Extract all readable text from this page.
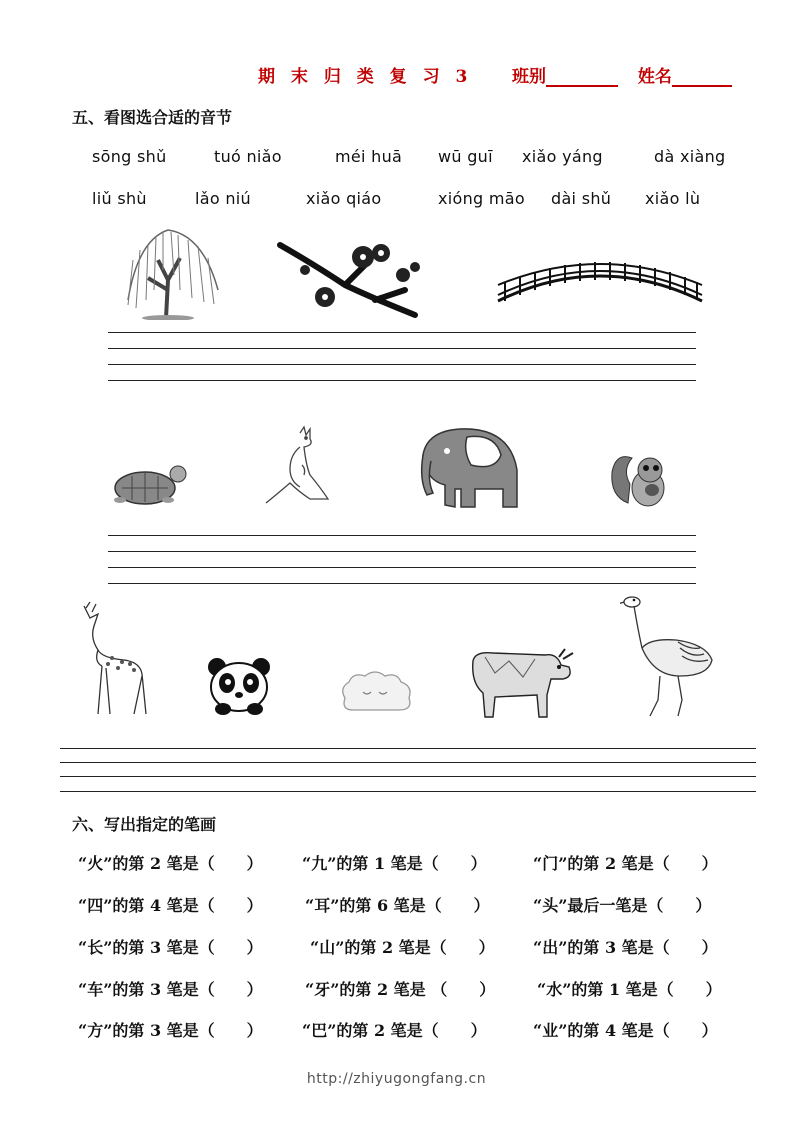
期 末 归 类 复 习 3 班别	姓名
五、看图选合适的音节
sōng shǔ	tuó niǎo	méi huā wū guī xiǎo yáng	dà xiàng
liǔ shù	lǎo niú	xiǎo qiáo	xióng māo dài shǔ xiǎo lù
六、写出指定的笔画
“火”的第 2 笔是（　　） “九”的第 1 笔是（　　）	“门”的第 2 笔是（　　）
“四”的第 4 笔是（　　）	“耳”的第 6 笔是（　　）	“头”最后一笔是（　　）
“长”的第 3 笔是（　　）	“山”的第 2 笔是（　　） “出”的第 3 笔是（　　）
“车”的第 3 笔是（　　）	“牙”的第 2 笔是 （　　）	“水”的第 1 笔是（　　）
“方”的第 3 笔是（　　） “巴”的第 2 笔是（　　）	“业”的第 4 笔是（　　）
http://zhiyugongfang.cn
